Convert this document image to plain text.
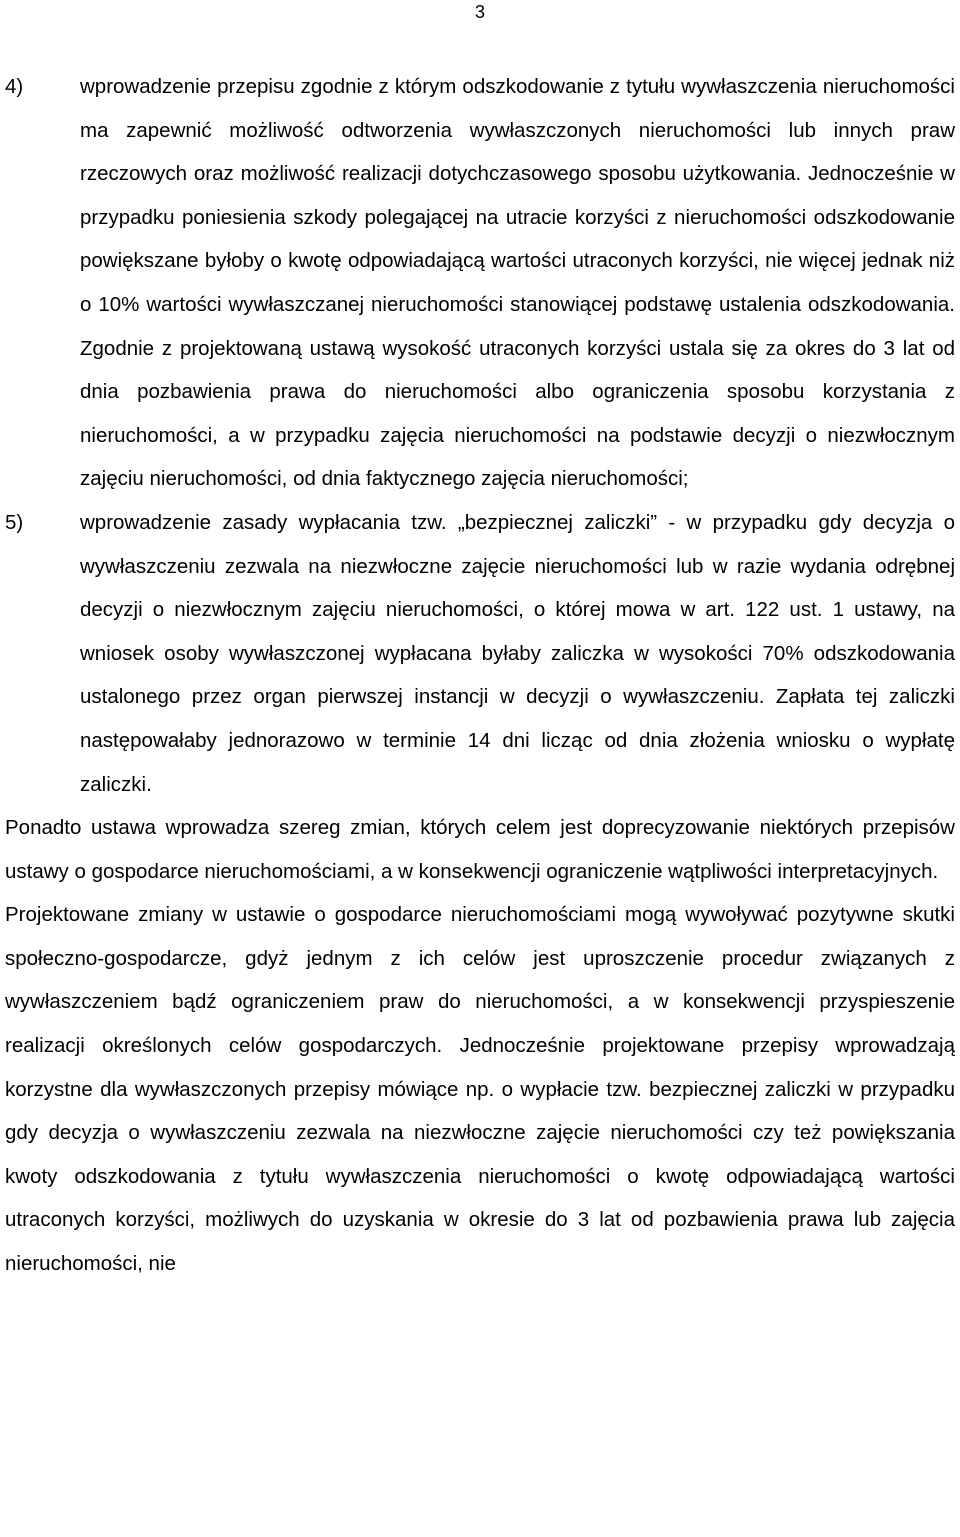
3
4)	wprowadzenie przepisu zgodnie z którym odszkodowanie z tytułu wywłaszczenia nieruchomości ma zapewnić możliwość odtworzenia wywłaszczonych nieruchomości lub innych praw rzeczowych oraz możliwość realizacji dotychczasowego sposobu użytkowania. Jednocześnie w przypadku poniesienia szkody polegającej na utracie korzyści z nieruchomości odszkodowanie powiększane byłoby o kwotę odpowiadającą wartości utraconych korzyści, nie więcej jednak niż o 10% wartości wywłaszczanej nieruchomości stanowiącej podstawę ustalenia odszkodowania. Zgodnie z projektowaną ustawą wysokość utraconych korzyści ustala się za okres do 3 lat od dnia pozbawienia prawa do nieruchomości albo ograniczenia sposobu korzystania z nieruchomości, a w przypadku zajęcia nieruchomości na podstawie decyzji o niezwłocznym zajęciu nieruchomości, od dnia faktycznego zajęcia nieruchomości;
5)	wprowadzenie zasady wypłacania tzw. „bezpiecznej zaliczki” - w przypadku gdy decyzja o wywłaszczeniu zezwala na niezwłoczne zajęcie nieruchomości lub w razie wydania odrębnej decyzji o niezwłocznym zajęciu nieruchomości, o której mowa w art. 122 ust. 1 ustawy, na wniosek osoby wywłaszczonej wypłacana byłaby zaliczka w wysokości 70% odszkodowania ustalonego przez organ pierwszej instancji w decyzji o wywłaszczeniu. Zapłata tej zaliczki następowałaby jednorazowo w terminie 14 dni licząc od dnia złożenia wniosku o wypłatę zaliczki.
Ponadto ustawa wprowadza szereg zmian, których celem jest doprecyzowanie niektórych przepisów ustawy o gospodarce nieruchomościami, a w konsekwencji ograniczenie wątpliwości interpretacyjnych.
Projektowane zmiany w ustawie o gospodarce nieruchomościami mogą wywoływać pozytywne skutki społeczno-gospodarcze, gdyż jednym z ich celów jest uproszczenie procedur związanych z wywłaszczeniem bądź ograniczeniem praw do nieruchomości, a w konsekwencji przyspieszenie realizacji określonych celów gospodarczych. Jednocześnie projektowane przepisy wprowadzają korzystne dla wywłaszczonych przepisy mówiące np. o wypłacie tzw. bezpiecznej zaliczki w przypadku gdy decyzja o wywłaszczeniu zezwala na niezwłoczne zajęcie nieruchomości czy też powiększania kwoty odszkodowania z tytułu wywłaszczenia nieruchomości o kwotę odpowiadającą wartości utraconych korzyści, możliwych do uzyskania w okresie do 3 lat od pozbawienia prawa lub zajęcia nieruchomości, nie
